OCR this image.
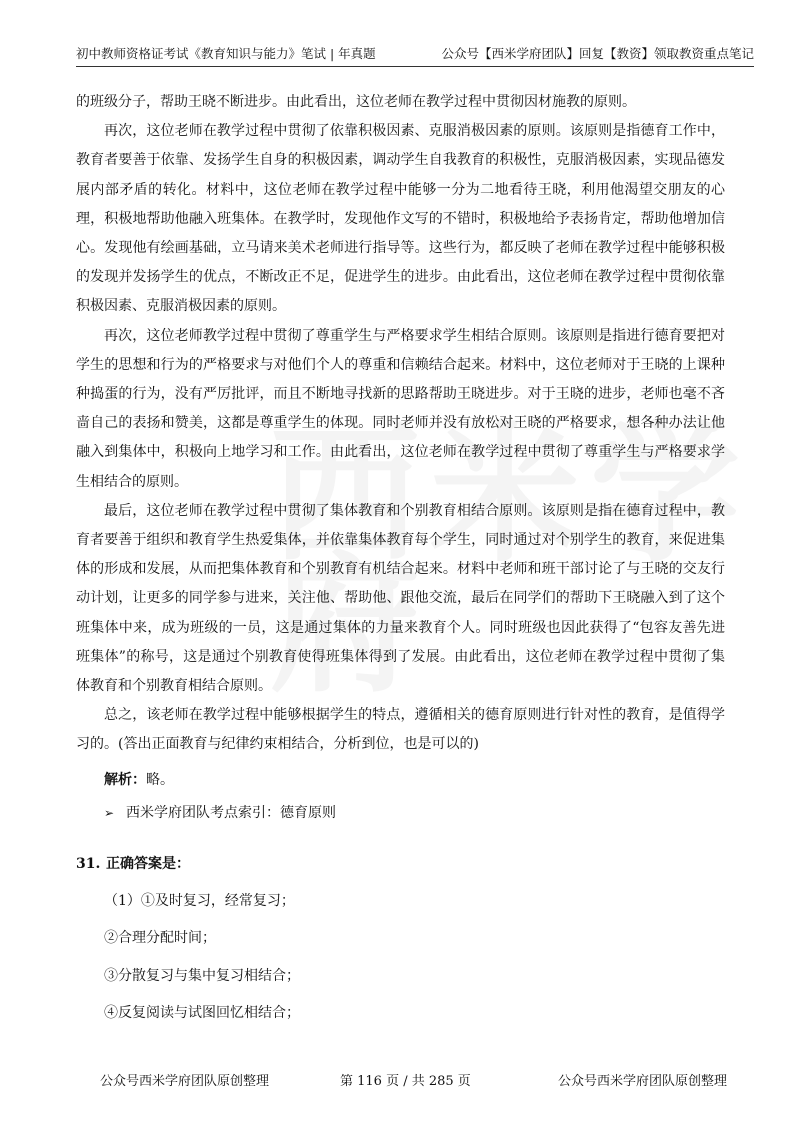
初中教师资格证考试《教育知识与能力》笔试 | 年真题	公众号【西米学府团队】回复【教资】领取教资重点笔记

的班级分子，帮助王晓不断进步。由此看出，这位老师在教学过程中贯彻因材施教的原则。

再次，这位老师在教学过程中贯彻了依靠积极因素、克服消极因素的原则。该原则是指德育工作中，教育者要善于依靠、发扬学生自身的积极因素，调动学生自我教育的积极性，克服消极因素，实现品德发展内部矛盾的转化。材料中，这位老师在教学过程中能够一分为二地看待王晓，利用他渴望交朋友的心理，积极地帮助他融入班集体。在教学时，发现他作文写的不错时，积极地给予表扬肯定，帮助他增加信心。发现他有绘画基础，立马请来美术老师进行指导等。这些行为，都反映了老师在教学过程中能够积极的发现并发扬学生的优点，不断改正不足，促进学生的进步。由此看出，这位老师在教学过程中贯彻依靠积极因素、克服消极因素的原则。

再次，这位老师教学过程中贯彻了尊重学生与严格要求学生相结合原则。该原则是指进行德育要把对学生的思想和行为的严格要求与对他们个人的尊重和信赖结合起来。材料中，这位老师对于王晓的上课种种捣蛋的行为，没有严厉批评，而且不断地寻找新的思路帮助王晓进步。对于王晓的进步，老师也毫不吝啬自己的表扬和赞美，这都是尊重学生的体现。同时老师并没有放松对王晓的严格要求，想各种办法让他融入到集体中，积极向上地学习和工作。由此看出，这位老师在教学过程中贯彻了尊重学生与严格要求学生相结合的原则。

最后，这位老师在教学过程中贯彻了集体教育和个别教育相结合原则。该原则是指在德育过程中，教育者要善于组织和教育学生热爱集体，并依靠集体教育每个学生，同时通过对个别学生的教育，来促进集体的形成和发展，从而把集体教育和个别教育有机结合起来。材料中老师和班干部讨论了与王晓的交友行动计划，让更多的同学参与进来，关注他、帮助他、跟他交流，最后在同学们的帮助下王晓融入到了这个班集体中来，成为班级的一员，这是通过集体的力量来教育个人。同时班级也因此获得了“包容友善先进班集体”的称号，这是通过个别教育使得班集体得到了发展。由此看出，这位老师在教学过程中贯彻了集体教育和个别教育相结合原则。

总之，该老师在教学过程中能够根据学生的特点，遵循相关的德育原则进行针对性的教育，是值得学习的。(答出正面教育与纪律约束相结合，分析到位，也是可以的)

解析：略。

➢ 西米学府团队考点索引：德育原则

31. 正确答案是：

（1）①及时复习，经常复习；

②合理分配时间；

③分散复习与集中复习相结合；

④反复阅读与试图回忆相结合；

公众号西米学府团队原创整理	第 116 页 / 共 285 页	公众号西米学府团队原创整理
